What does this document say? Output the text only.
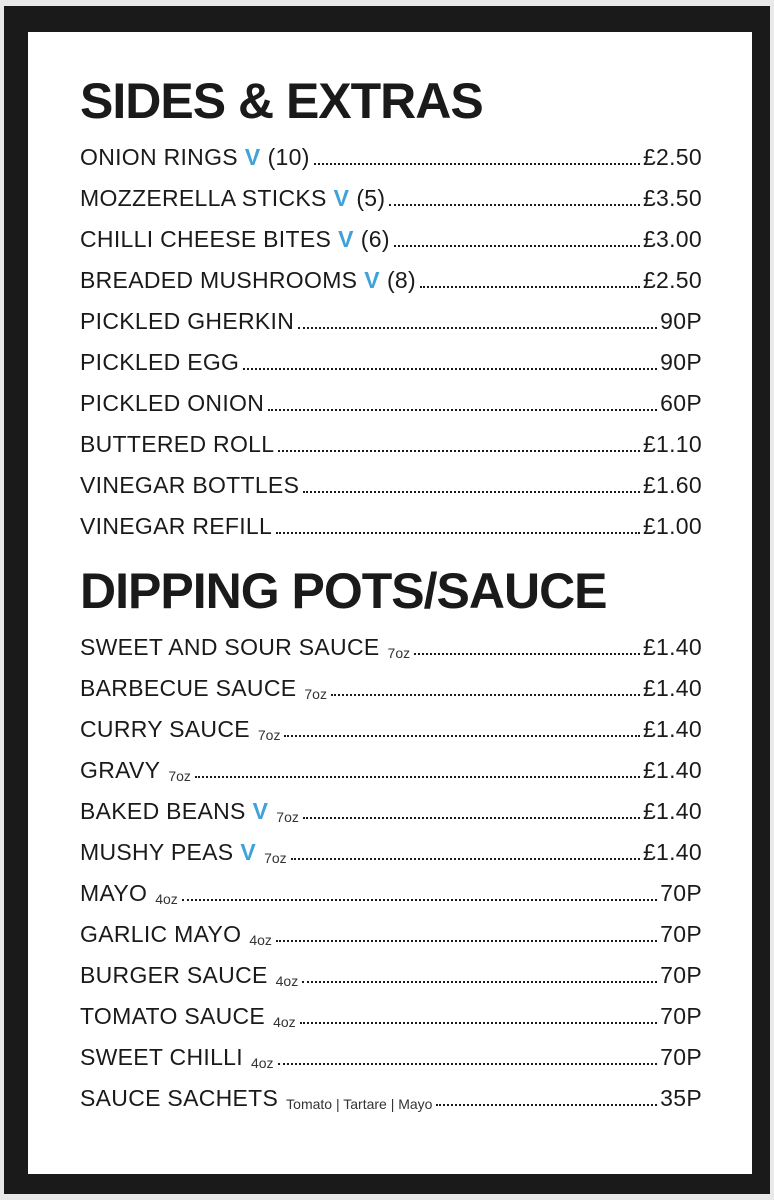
SIDES & EXTRAS
ONION RINGS V (10)	£2.50
MOZZERELLA STICKS V (5)	£3.50
CHILLI CHEESE BITES V (6)	£3.00
BREADED MUSHROOMS V (8)	£2.50
PICKLED GHERKIN	90P
PICKLED EGG	90P
PICKLED ONION	60P
BUTTERED ROLL	£1.10
VINEGAR BOTTLES	£1.60
VINEGAR REFILL	£1.00
DIPPING POTS/SAUCE
SWEET AND SOUR SAUCE 7oz	£1.40
BARBECUE SAUCE 7oz	£1.40
CURRY SAUCE 7oz	£1.40
GRAVY 7oz	£1.40
BAKED BEANS V 7oz	£1.40
MUSHY PEAS V 7oz	£1.40
MAYO 4oz	70P
GARLIC MAYO 4oz	70P
BURGER SAUCE 4oz	70P
TOMATO SAUCE 4oz	70P
SWEET CHILLI 4oz	70P
SAUCE SACHETS Tomato | Tartare | Mayo	35P
